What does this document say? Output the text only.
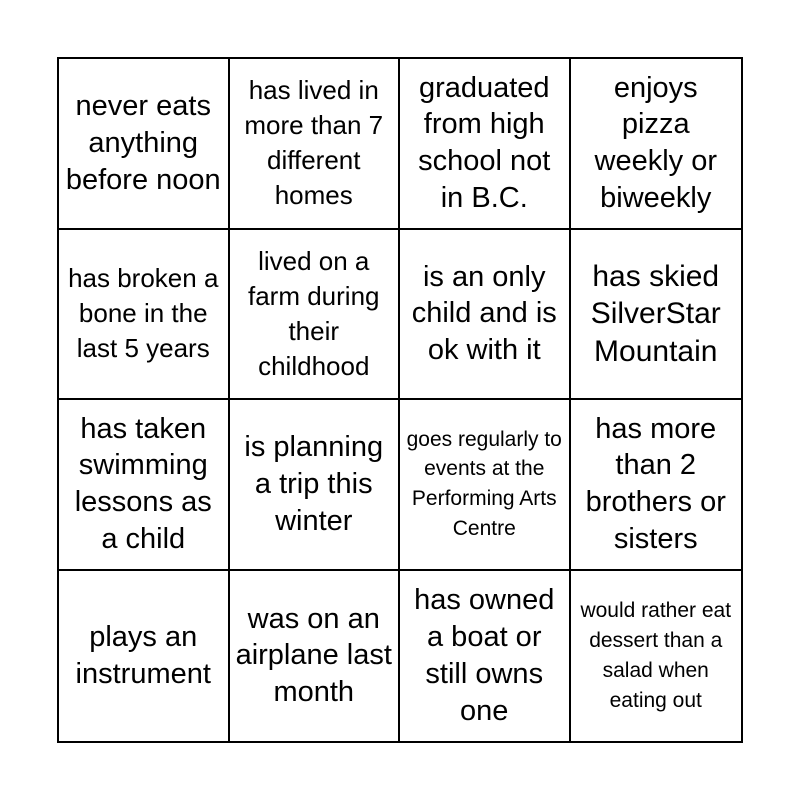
never eats anything before noon
has lived in more than 7 different homes
graduated from high school not in B.C.
enjoys pizza weekly or biweekly
has broken a bone in the last 5 years
lived on a farm during their childhood
is an only child and is ok with it
has skied SilverStar Mountain
has taken swimming lessons as a child
is planning a trip this winter
goes regularly to events at the Performing Arts Centre
has more than 2 brothers or sisters
plays an instrument
was on an airplane last month
has owned a boat or still owns one
would rather eat dessert than a salad when eating out
